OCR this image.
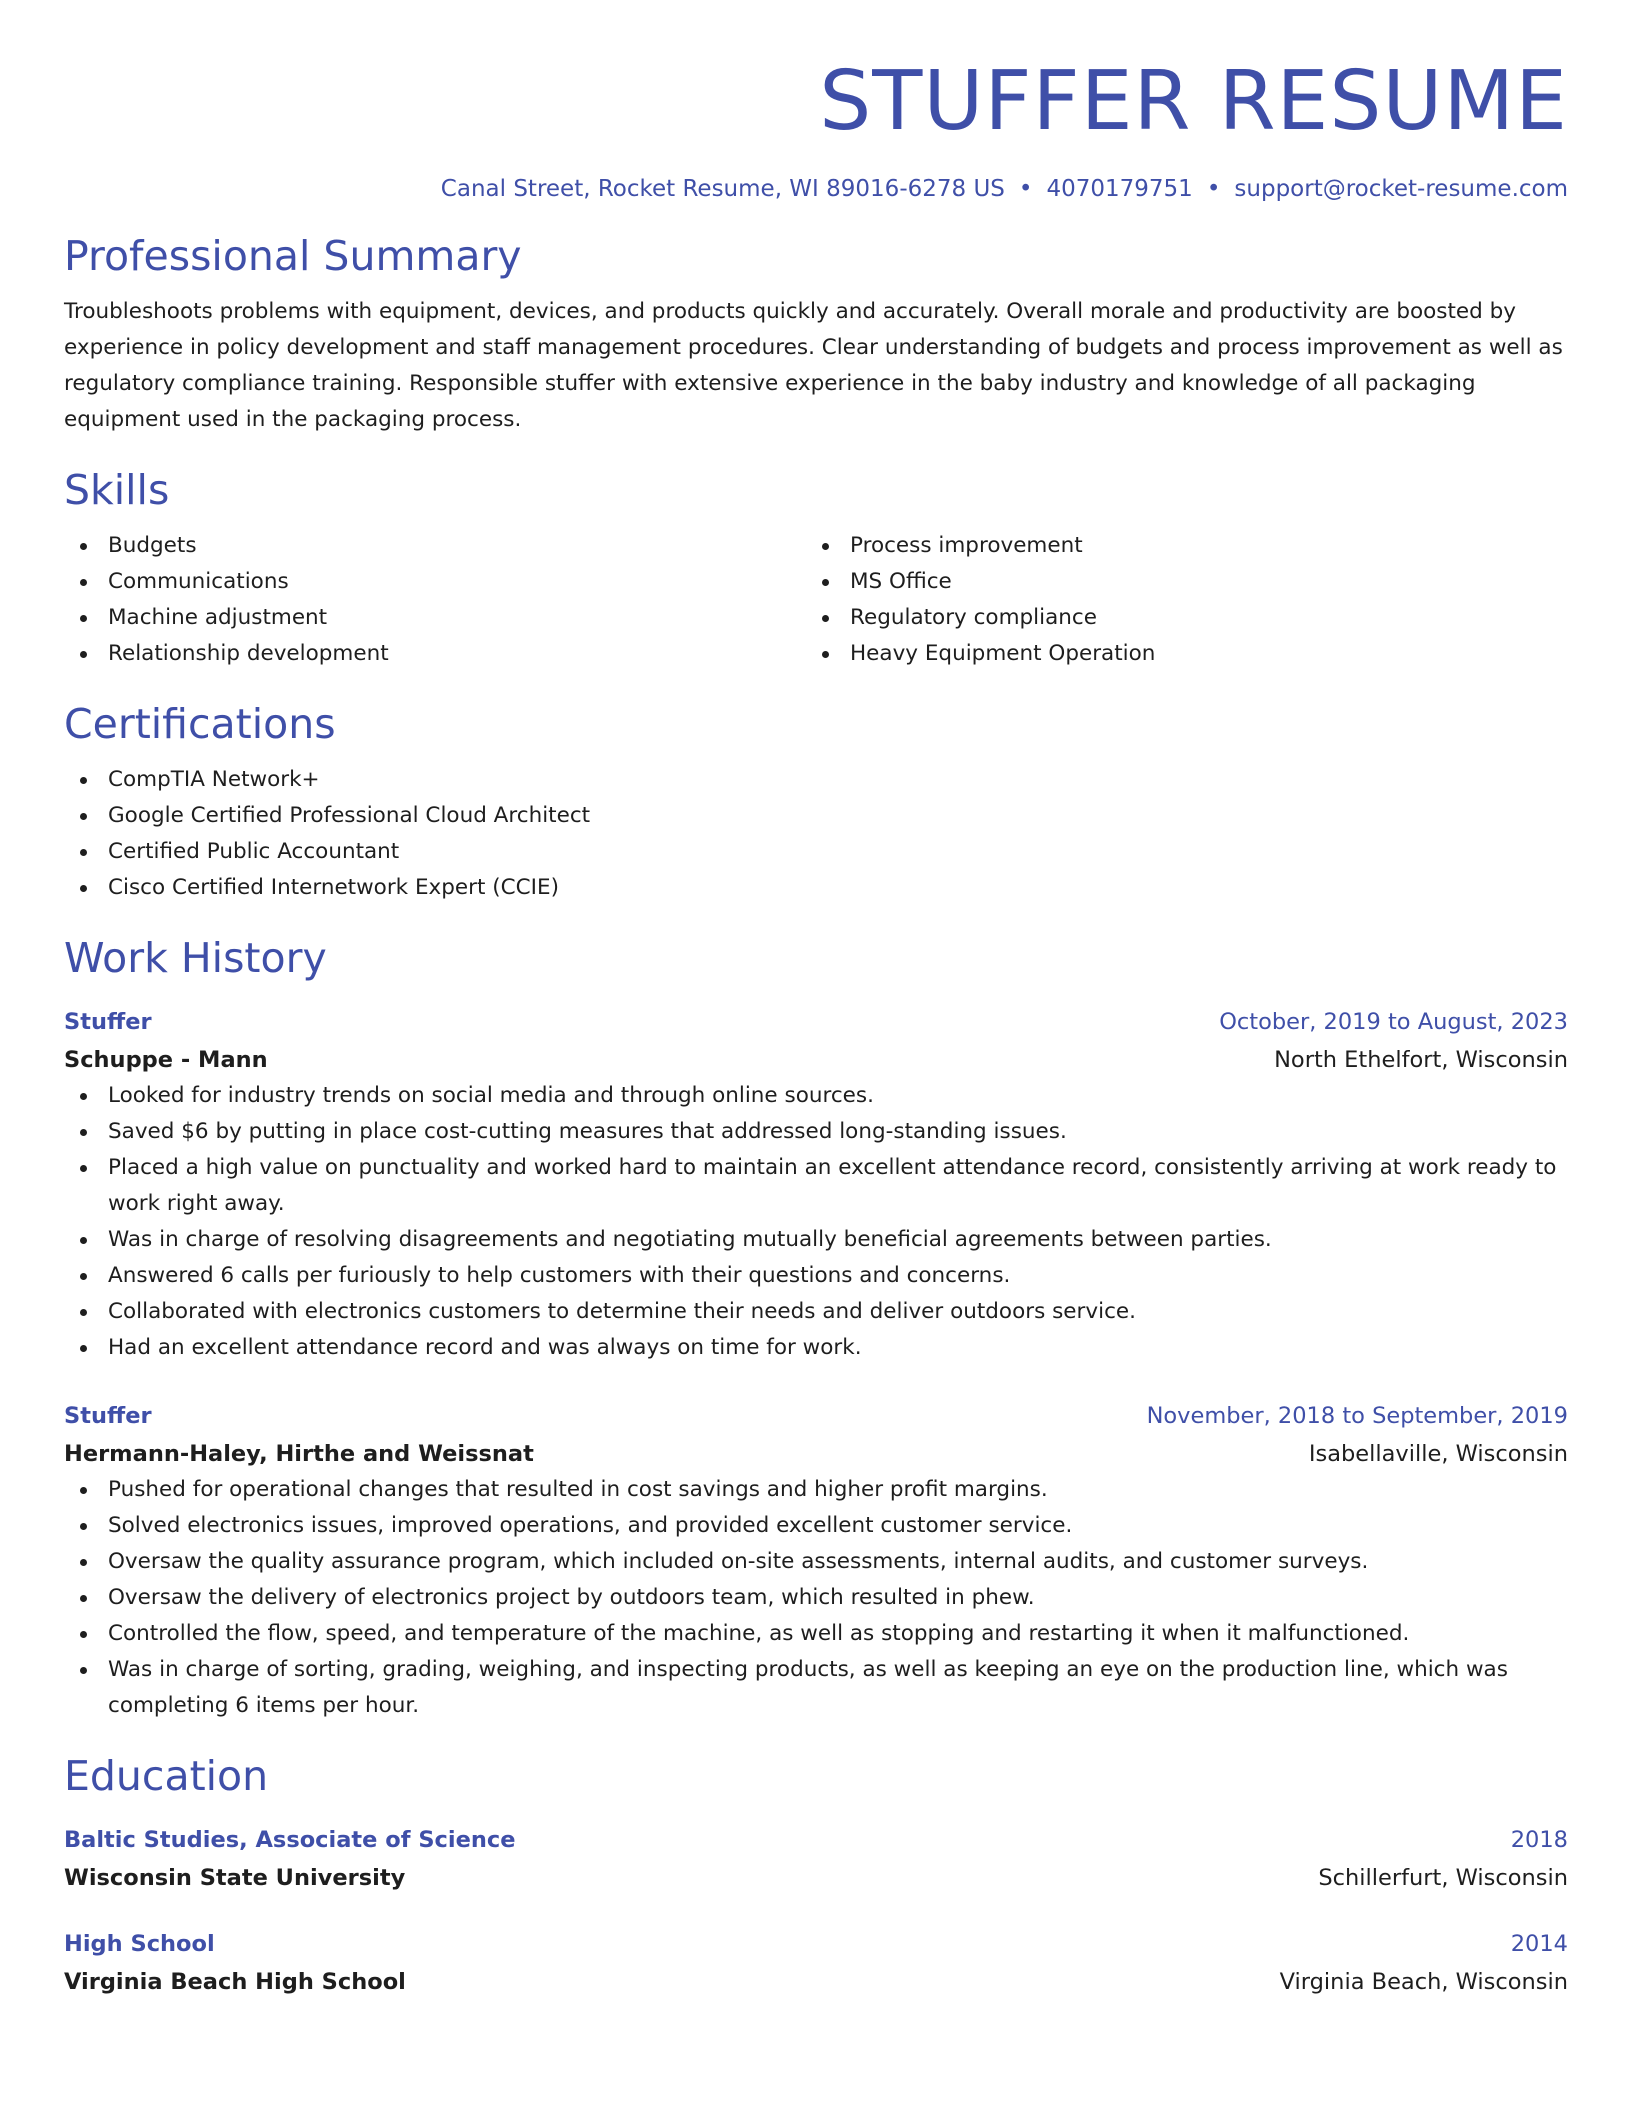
STUFFER RESUME
Canal Street, Rocket Resume, WI 89016-6278 US • 4070179751 • support@rocket-resume.com
Professional Summary

Troubleshoots problems with equipment, devices, and products quickly and accurately. Overall morale and productivity are boosted by experience in policy development and staff management procedures. Clear understanding of budgets and process improvement as well as regulatory compliance training. Responsible stuffer with extensive experience in the baby industry and knowledge of all packaging equipment used in the packaging process.

Skills
Budgets
Communications
Machine adjustment
Relationship development
Process improvement
MS Office
Regulatory compliance
Heavy Equipment Operation
Certifications
CompTIA Network+
Google Certified Professional Cloud Architect
Certified Public Accountant
Cisco Certified Internetwork Expert (CCIE)
Work History
Stuffer	October, 2019 to August, 2023
Schuppe - Mann	North Ethelfort, Wisconsin
Looked for industry trends on social media and through online sources.
Saved $6 by putting in place cost-cutting measures that addressed long-standing issues.
Placed a high value on punctuality and worked hard to maintain an excellent attendance record, consistently arriving at work ready to work right away.
Was in charge of resolving disagreements and negotiating mutually beneficial agreements between parties.
Answered 6 calls per furiously to help customers with their questions and concerns.
Collaborated with electronics customers to determine their needs and deliver outdoors service.
Had an excellent attendance record and was always on time for work.
Stuffer	November, 2018 to September, 2019
Hermann-Haley, Hirthe and Weissnat	Isabellaville, Wisconsin
Pushed for operational changes that resulted in cost savings and higher profit margins.
Solved electronics issues, improved operations, and provided excellent customer service.
Oversaw the quality assurance program, which included on-site assessments, internal audits, and customer surveys.
Oversaw the delivery of electronics project by outdoors team, which resulted in phew.
Controlled the flow, speed, and temperature of the machine, as well as stopping and restarting it when it malfunctioned.
Was in charge of sorting, grading, weighing, and inspecting products, as well as keeping an eye on the production line, which was completing 6 items per hour.
Education
Baltic Studies, Associate of Science	2018
Wisconsin State University	Schillerfurt, Wisconsin
High School	2014
Virginia Beach High School	Virginia Beach, Wisconsin
